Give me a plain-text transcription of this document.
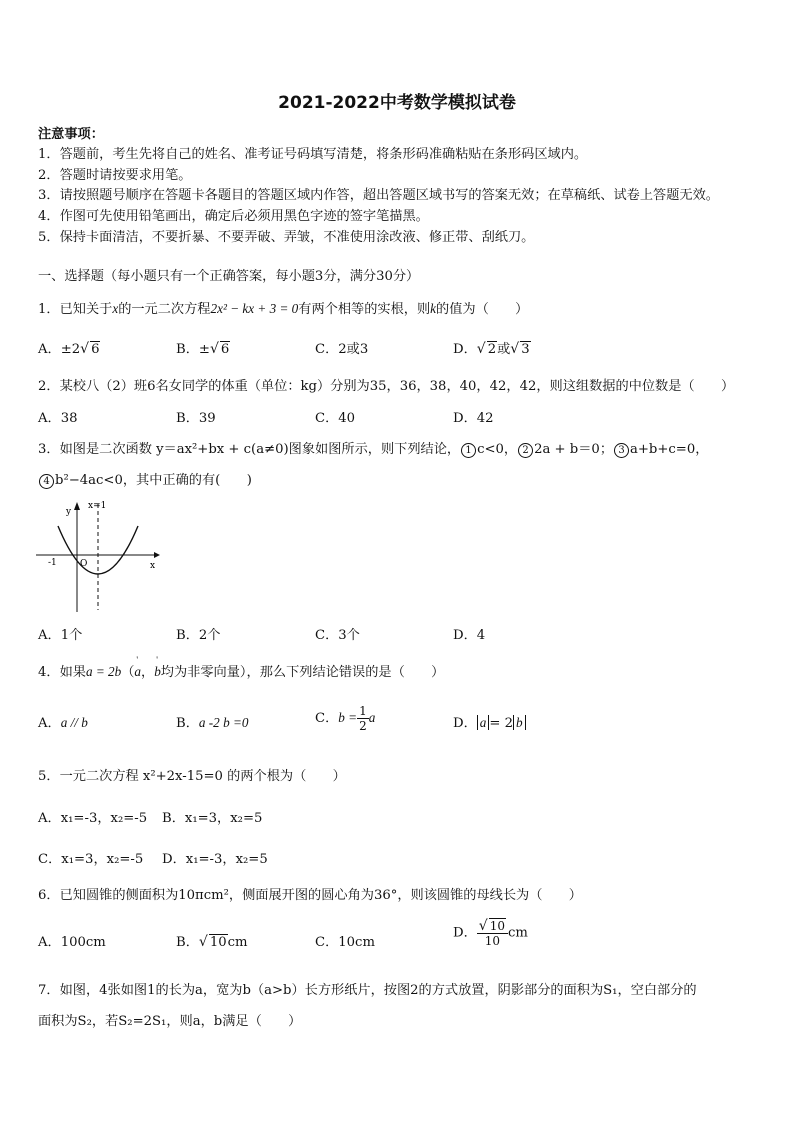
2021-2022中考数学模拟试卷
注意事项：
1．答题前，考生先将自己的姓名、准考证号码填写清楚，将条形码准确粘贴在条形码区域内。
2．答题时请按要求用笔。
3．请按照题号顺序在答题卡各题目的答题区域内作答，超出答题区域书写的答案无效；在草稿纸、试卷上答题无效。
4．作图可先使用铅笔画出，确定后必须用黑色字迹的签字笔描黑。
5．保持卡面清洁，不要折暴、不要弄破、弄皱，不准使用涂改液、修正带、刮纸刀。
一、选择题（每小题只有一个正确答案，每小题3分，满分30分）
1．已知关于x的一元二次方程2x² − kx + 3 = 0有两个相等的实根，则k的值为（　　）
A．±2√ 6	B．±√ 6	C．2或3	D．√ 2或√ 3
2．某校八（2）班6名女同学的体重（单位：kg）分别为35，36，38，40，42，42，则这组数据的中位数是（　　）
A．38	B．39	C．40	D．42
3．如图是二次函数 y＝ax²+bx + c(a≠0)图象如图所示，则下列结论， 1 c<0， 2 2a + b＝0； 3 a+b+c=0，
4 b²−4ac<0，其中正确的有(　　)
y
x
x=1
-1	O
A．1个	B．2个	C．3个	D．4
4．如果a = 2b（' a，' b均为非零向量），那么下列结论错误的是（　　）
A．a // b	B．a -2 b =0	C．$b = \frac{1}{2}$ a	D． a = 2 b
5．一元二次方程 x²+2x-15=0 的两个根为（　　）
A．x₁=-3，x₂=-5 B．x₁=3，x₂=5
C．x₁=3，x₂=-5 D．x₁=-3，x₂=5
6．已知圆锥的侧面积为10πcm²，侧面展开图的圆心角为36°，则该圆锥的母线长为（　　）
A．100cm	B．√ 10cm	C．10cm
D． $\frac{√ 10}{10}$ cm
7．如图，4张如图1的长为a，宽为b（a>b）长方形纸片，按图2的方式放置，阴影部分的面积为S₁，空白部分的
面积为S₂，若S₂=2S₁，则a，b满足（　　）
